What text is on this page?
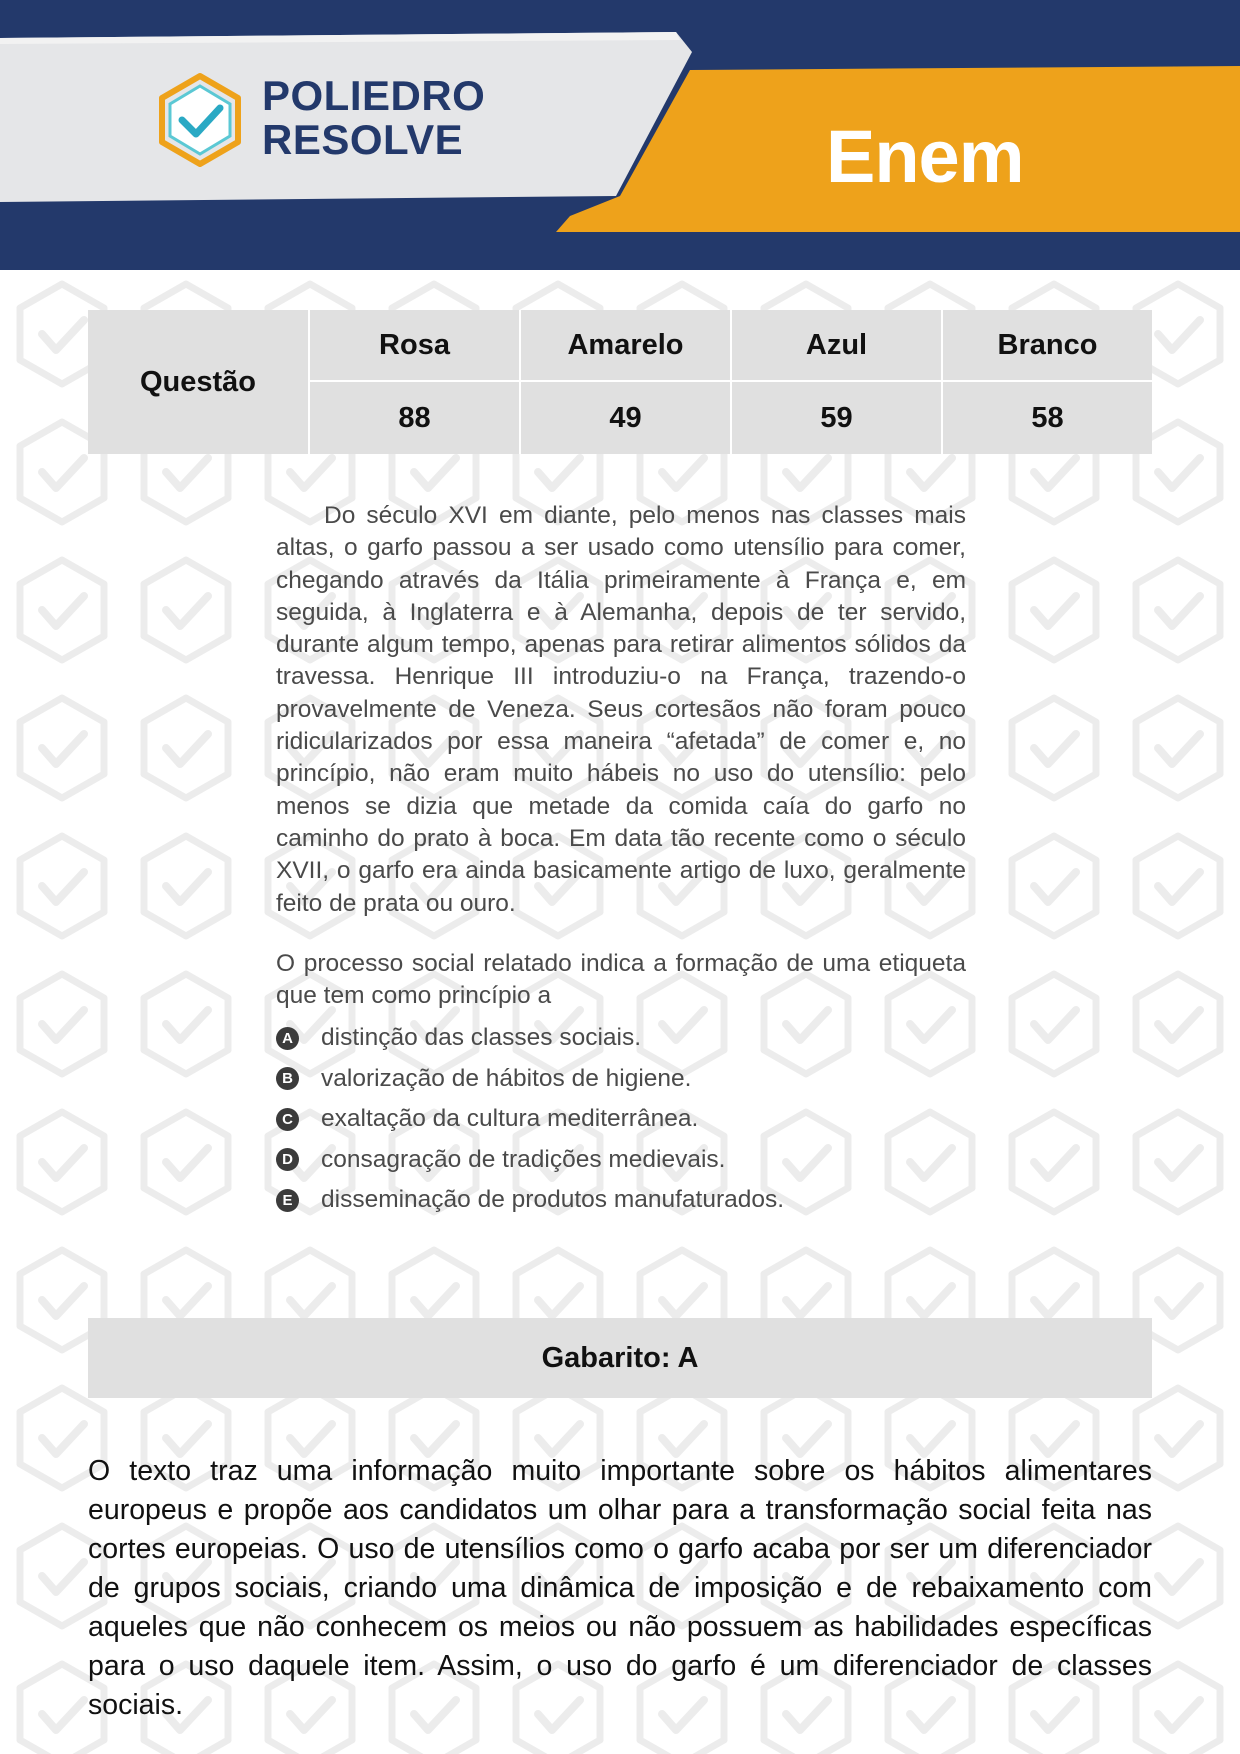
POLIEDRO
RESOLVE	Enem
Questão
Rosa	Amarelo	Azul	Branco
88	49	59	58

Do século XVI em diante, pelo menos nas classes mais altas, o garfo passou a ser usado como utensílio para comer, chegando através da Itália primeiramente à França e, em seguida, à Inglaterra e à Alemanha, depois de ter servido, durante algum tempo, apenas para retirar alimentos sólidos da travessa. Henrique III introduziu-o na França, trazendo-o provavelmente de Veneza. Seus cortesãos não foram pouco ridicularizados por essa maneira “afetada” de comer e, no princípio, não eram muito hábeis no uso do utensílio: pelo menos se dizia que metade da comida caía do garfo no caminho do prato à boca. Em data tão recente como o século XVII, o garfo era ainda basicamente artigo de luxo, geralmente feito de prata ou ouro.

O processo social relatado indica a formação de uma etiqueta que tem como princípio a

A distinção das classes sociais.
B valorização de hábitos de higiene.
C exaltação da cultura mediterrânea.
D consagração de tradições medievais.
E disseminação de produtos manufaturados.
Gabarito: A

O texto traz uma informação muito importante sobre os hábitos alimentares europeus e propõe aos candidatos um olhar para a transformação social feita nas cortes europeias. O uso de utensílios como o garfo acaba por ser um diferenciador de grupos sociais, criando uma dinâmica de imposição e de rebaixamento com aqueles que não conhecem os meios ou não possuem as habilidades específicas para o uso daquele item. Assim, o uso do garfo é um diferenciador de classes sociais.
